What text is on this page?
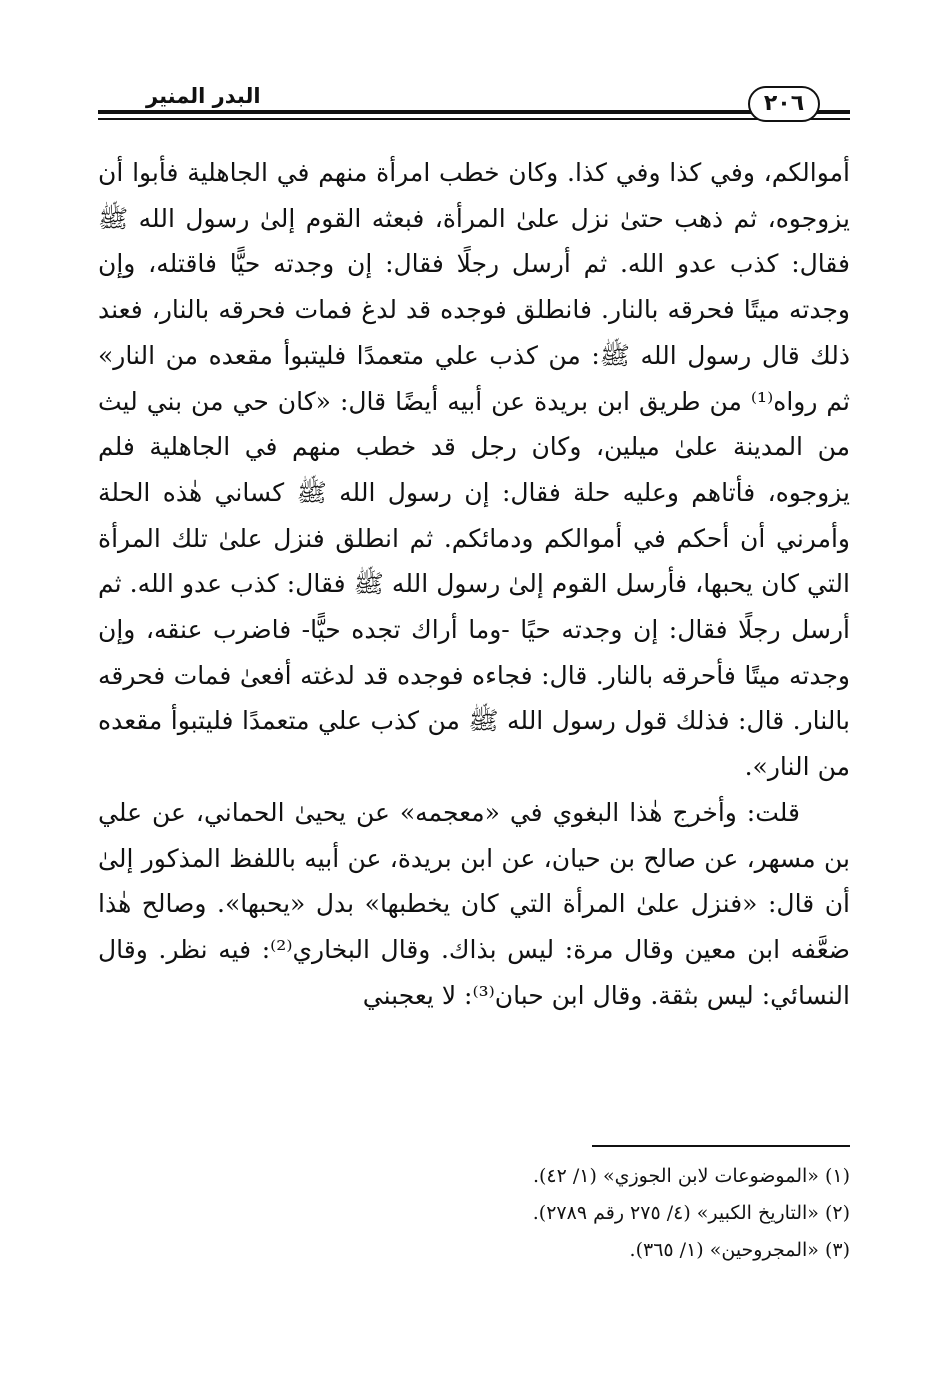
البدر المنير	٢٠٦

أموالكم، وفي كذا وفي كذا. وكان خطب امرأة منهم في الجاهلية فأبوا أن يزوجوه، ثم ذهب حتىٰ نزل علىٰ المرأة، فبعثه القوم إلىٰ رسول الله ﷺ فقال: كذب عدو الله. ثم أرسل رجلًا فقال: إن وجدته حيًّا فاقتله، وإن وجدته ميتًا فحرقه بالنار. فانطلق فوجده قد لدغ فمات فحرقه بالنار، فعند ذلك قال رسول الله ﷺ: من كذب علي متعمدًا فليتبوأ مقعده من النار» ثم رواه⁽¹⁾ من طريق ابن بريدة عن أبيه أيضًا قال: «كان حي من بني ليث من المدينة علىٰ ميلين، وكان رجل قد خطب منهم في الجاهلية فلم يزوجوه، فأتاهم وعليه حلة فقال: إن رسول الله ﷺ كساني هٰذه الحلة وأمرني أن أحكم في أموالكم ودمائكم. ثم انطلق فنزل علىٰ تلك المرأة التي كان يحبها، فأرسل القوم إلىٰ رسول الله ﷺ فقال: كذب عدو الله. ثم أرسل رجلًا فقال: إن وجدته حيًا -وما أراك تجده حيًّا- فاضرب عنقه، وإن وجدته ميتًا فأحرقه بالنار. قال: فجاءه فوجده قد لدغته أفعىٰ فمات فحرقه بالنار. قال: فذلك قول رسول الله ﷺ من كذب علي متعمدًا فليتبوأ مقعده من النار».

قلت: وأخرج هٰذا البغوي في «معجمه» عن يحيىٰ الحماني، عن علي بن مسهر، عن صالح بن حيان، عن ابن بريدة، عن أبيه باللفظ المذكور إلىٰ أن قال: «فنزل علىٰ المرأة التي كان يخطبها» بدل «يحبها». وصالح هٰذا ضعَّفه ابن معين وقال مرة: ليس بذاك. وقال البخاري⁽²⁾: فيه نظر. وقال النسائي: ليس بثقة. وقال ابن حبان⁽³⁾: لا يعجبني

(١) «الموضوعات لابن الجوزي» (١/ ٤٢).

(٢) «التاريخ الكبير» (٤/ ٢٧٥ رقم ٢٧٨٩).

(٣) «المجروحين» (١/ ٣٦٥).
